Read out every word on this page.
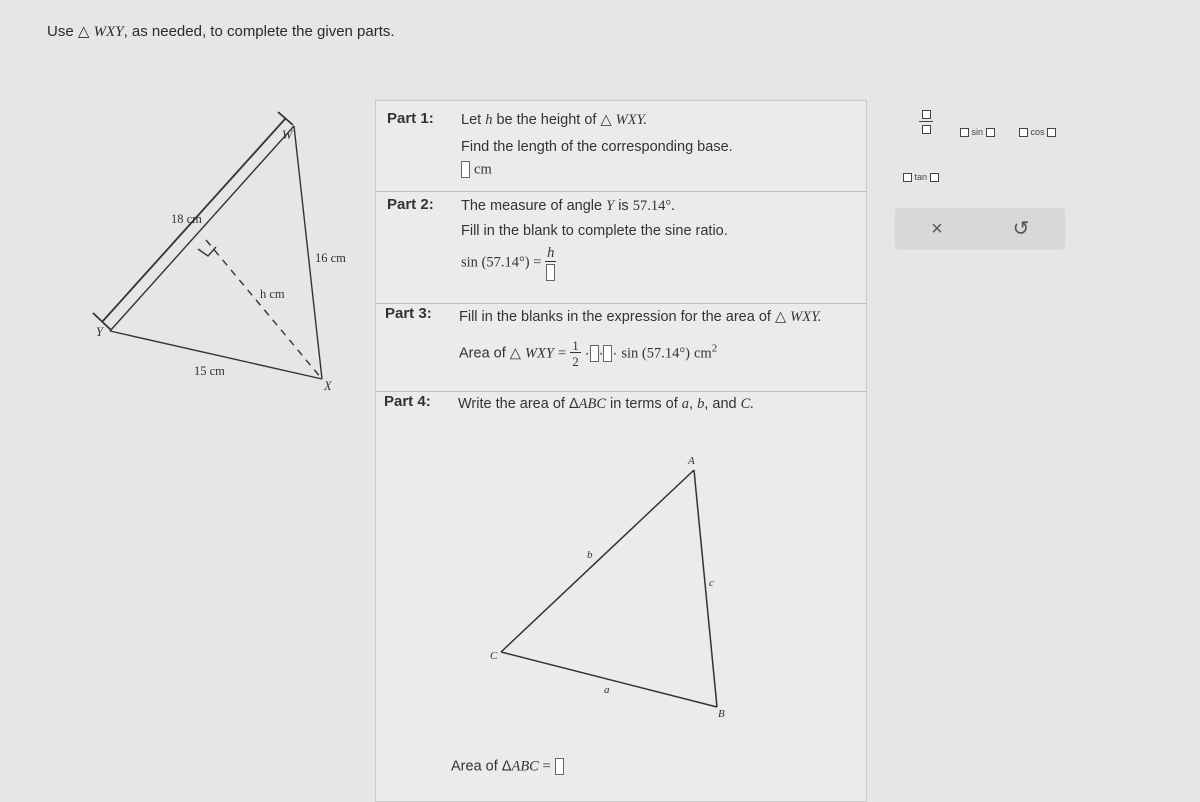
Use △ WXY, as needed, to complete the given parts.
W
Y
X
18 cm
16 cm
15 cm
h cm
Part 1: Let h be the height of △ WXY.
Find the length of the corresponding base.
cm
Part 2: The measure of angle Y is 57.14°.
Fill in the blank to complete the sine ratio.
sin (57.14°) =
h
Part 3: Fill in the blanks in the expression for the area of △ WXY.
Area of △ WXY = $\frac{1}{2}$ · · · sin (57.14°) $cm^2$
Part 4: Write the area of ΔABC in terms of a, b, and C.
A
B
C
a
b
c
Area of ΔABC =
sin	cos
tan
×	↺
